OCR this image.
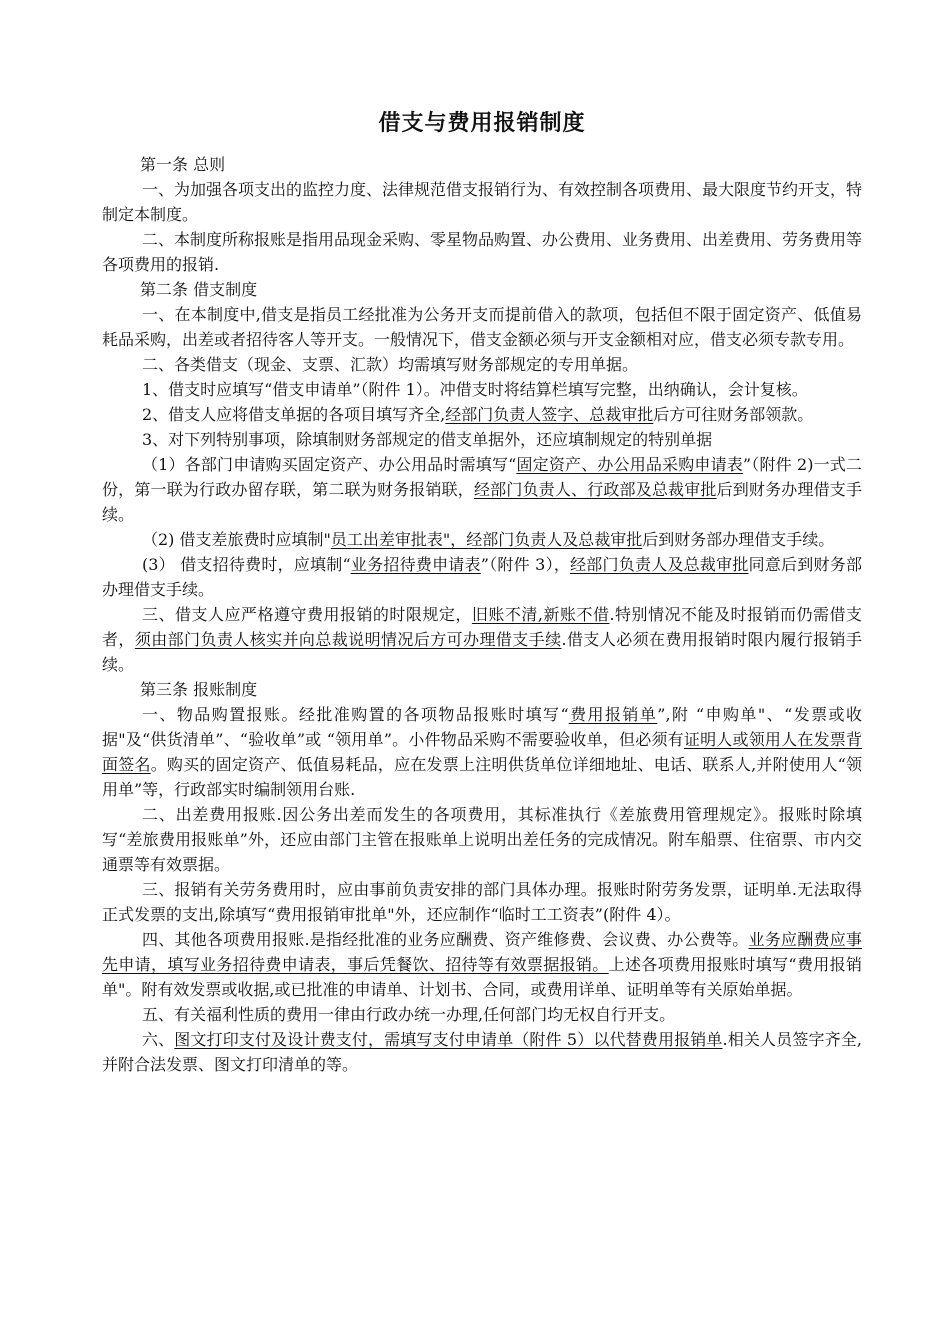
借支与费用报销制度

第一条 总则

一、为加强各项支出的监控力度、法律规范借支报销行为、有效控制各项费用、最大限度节约开支，特制定本制度。

二、本制度所称报账是指用品现金采购、零星物品购置、办公费用、业务费用、出差费用、劳务费用等各项费用的报销.

第二条 借支制度

一、在本制度中,借支是指员工经批准为公务开支而提前借入的款项，包括但不限于固定资产、低值易耗品采购，出差或者招待客人等开支。一般情况下，借支金额必须与开支金额相对应，借支必须专款专用。

二、各类借支（现金、支票、汇款）均需填写财务部规定的专用单据。

1、借支时应填写“借支申请单”（附件 1）。冲借支时将结算栏填写完整，出纳确认，会计复核。

2、借支人应将借支单据的各项目填写齐全,经部门负责人签字、总裁审批后方可往财务部领款。

3、对下列特别事项，除填制财务部规定的借支单据外，还应填制规定的特别单据

（1）各部门申请购买固定资产、办公用品时需填写“固定资产、办公用品采购申请表”（附件 2)一式二份，第一联为行政办留存联，第二联为财务报销联，经部门负责人、行政部及总裁审批后到财务办理借支手续。

（2) 借支差旅费时应填制"员工出差审批表"，经部门负责人及总裁审批后到财务部办理借支手续。

(3） 借支招待费时，应填制“业务招待费申请表”（附件 3），经部门负责人及总裁审批同意后到财务部办理借支手续。

三、借支人应严格遵守费用报销的时限规定，旧账不清,新账不借.特别情况不能及时报销而仍需借支者，须由部门负责人核实并向总裁说明情况后方可办理借支手续.借支人必须在费用报销时限内履行报销手续。

第三条 报账制度

一、物品购置报账。经批准购置的各项物品报账时填写“费用报销单”,附 “申购单"、“发票或收据"及“供货清单”、“验收单”或 “领用单”。小件物品采购不需要验收单，但必须有证明人或领用人在发票背面签名。购买的固定资产、低值易耗品，应在发票上注明供货单位详细地址、电话、联系人,并附使用人“领用单”等，行政部实时编制领用台账.

二、出差费用报账.因公务出差而发生的各项费用，其标准执行《差旅费用管理规定》。报账时除填写“差旅费用报账单”外，还应由部门主管在报账单上说明出差任务的完成情况。附车船票、住宿票、市内交通票等有效票据。

三、报销有关劳务费用时，应由事前负责安排的部门具体办理。报账时附劳务发票，证明单.无法取得正式发票的支出,除填写“费用报销审批单"外，还应制作“临时工工资表”(附件 4）。

四、其他各项费用报账.是指经批准的业务应酬费、资产维修费、会议费、办公费等。业务应酬费应事先申请，填写业务招待费申请表，事后凭餐饮、招待等有效票据报销。上述各项费用报账时填写“费用报销单"。附有效发票或收据,或已批准的申请单、计划书、合同，或费用详单、证明单等有关原始单据。

五、有关福利性质的费用一律由行政办统一办理,任何部门均无权自行开支。

六、图文打印支付及设计费支付，需填写支付申请单（附件 5）以代替费用报销单.相关人员签字齐全,并附合法发票、图文打印清单的等。
